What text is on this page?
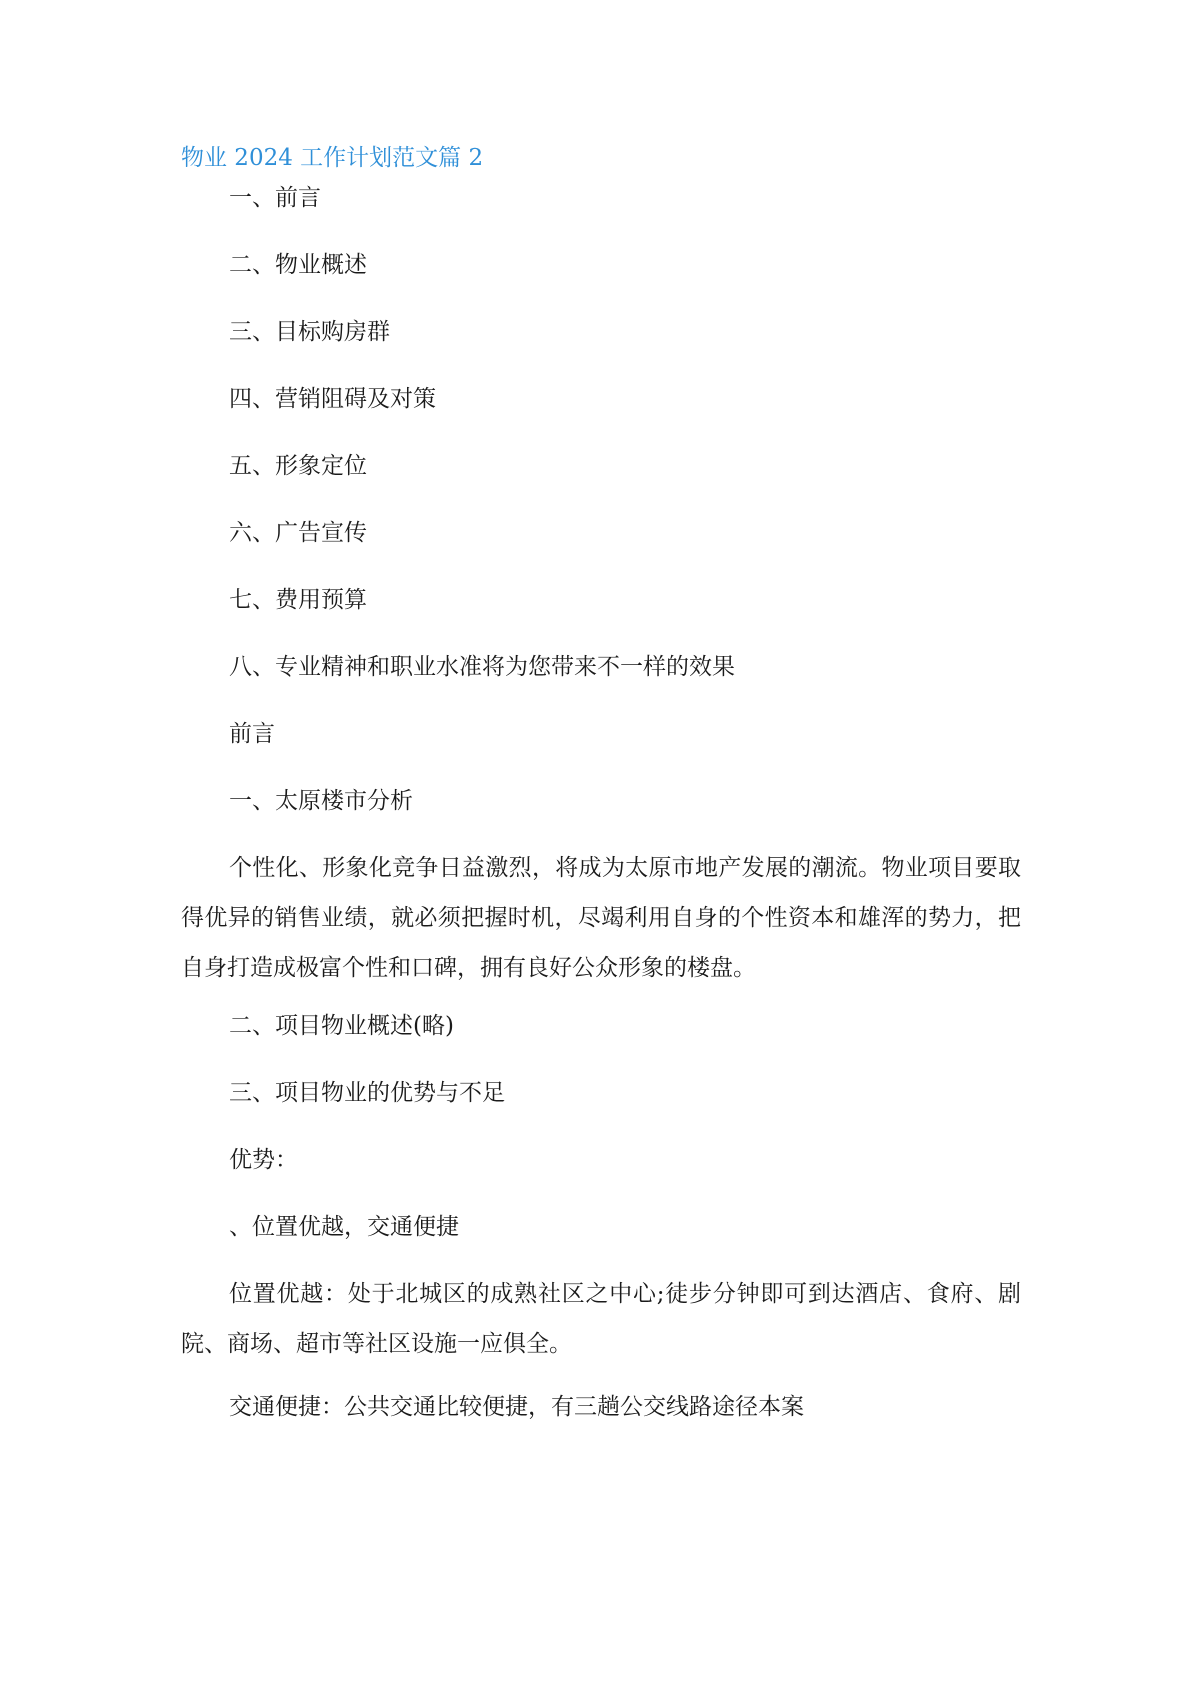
物业 2024 工作计划范文篇 2

一、前言

二、物业概述

三、目标购房群

四、营销阻碍及对策

五、形象定位

六、广告宣传

七、费用预算

八、专业精神和职业水准将为您带来不一样的效果

前言

一、太原楼市分析

个性化、形象化竞争日益激烈，将成为太原市地产发展的潮流。物业项目要取得优异的销售业绩，就必须把握时机，尽竭利用自身的个性资本和雄浑的势力，把自身打造成极富个性和口碑，拥有良好公众形象的楼盘。

二、项目物业概述(略)

三、项目物业的优势与不足

优势：

、位置优越，交通便捷

位置优越：处于北城区的成熟社区之中心;徒步分钟即可到达酒店、食府、剧院、商场、超市等社区设施一应俱全。

交通便捷：公共交通比较便捷，有三趟公交线路途径本案
